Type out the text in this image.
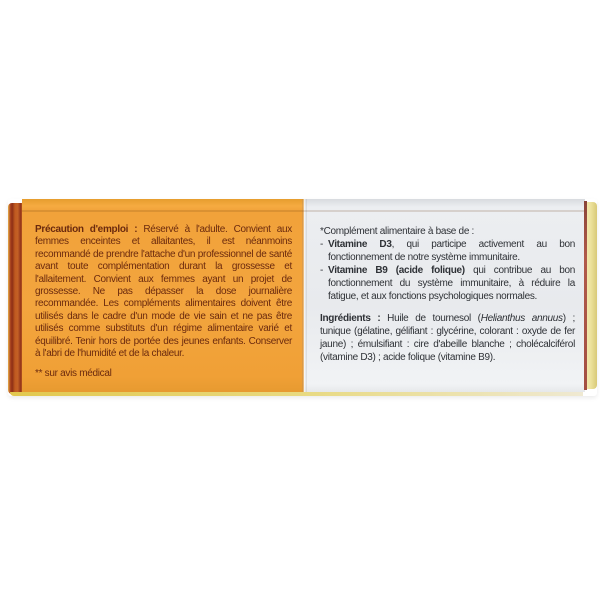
Précaution d'emploi : Réservé à l'adulte. Convient aux femmes enceintes et allaitantes, il est néanmoins recommandé de prendre l'attache d'un professionnel de santé avant toute complémentation durant la grossesse et l'allaitement. Convient aux femmes ayant un projet de grossesse. Ne pas dépasser la dose journalière recommandée. Les compléments alimentaires doivent être utilisés dans le cadre d'un mode de vie sain et ne pas être utilisés comme substituts d'un régime alimentaire varié et équilibré. Tenir hors de portée des jeunes enfants. Conserver à l'abri de l'humidité et de la chaleur.

** sur avis médical

*Complément alimentaire à base de :

- Vitamine D3, qui participe activement au bon fonctionnement de notre système immunitaire.
- Vitamine B9 (acide folique) qui contribue au bon fonctionnement du système immunitaire, à réduire la fatigue, et aux fonctions psychologiques normales.

Ingrédients : Huile de tournesol (Helianthus annuus) ; tunique (gélatine, gélifiant : glycérine, colorant : oxyde de fer jaune) ; émulsifiant : cire d'abeille blanche ; cholécalciférol (vitamine D3) ; acide folique (vitamine B9).
